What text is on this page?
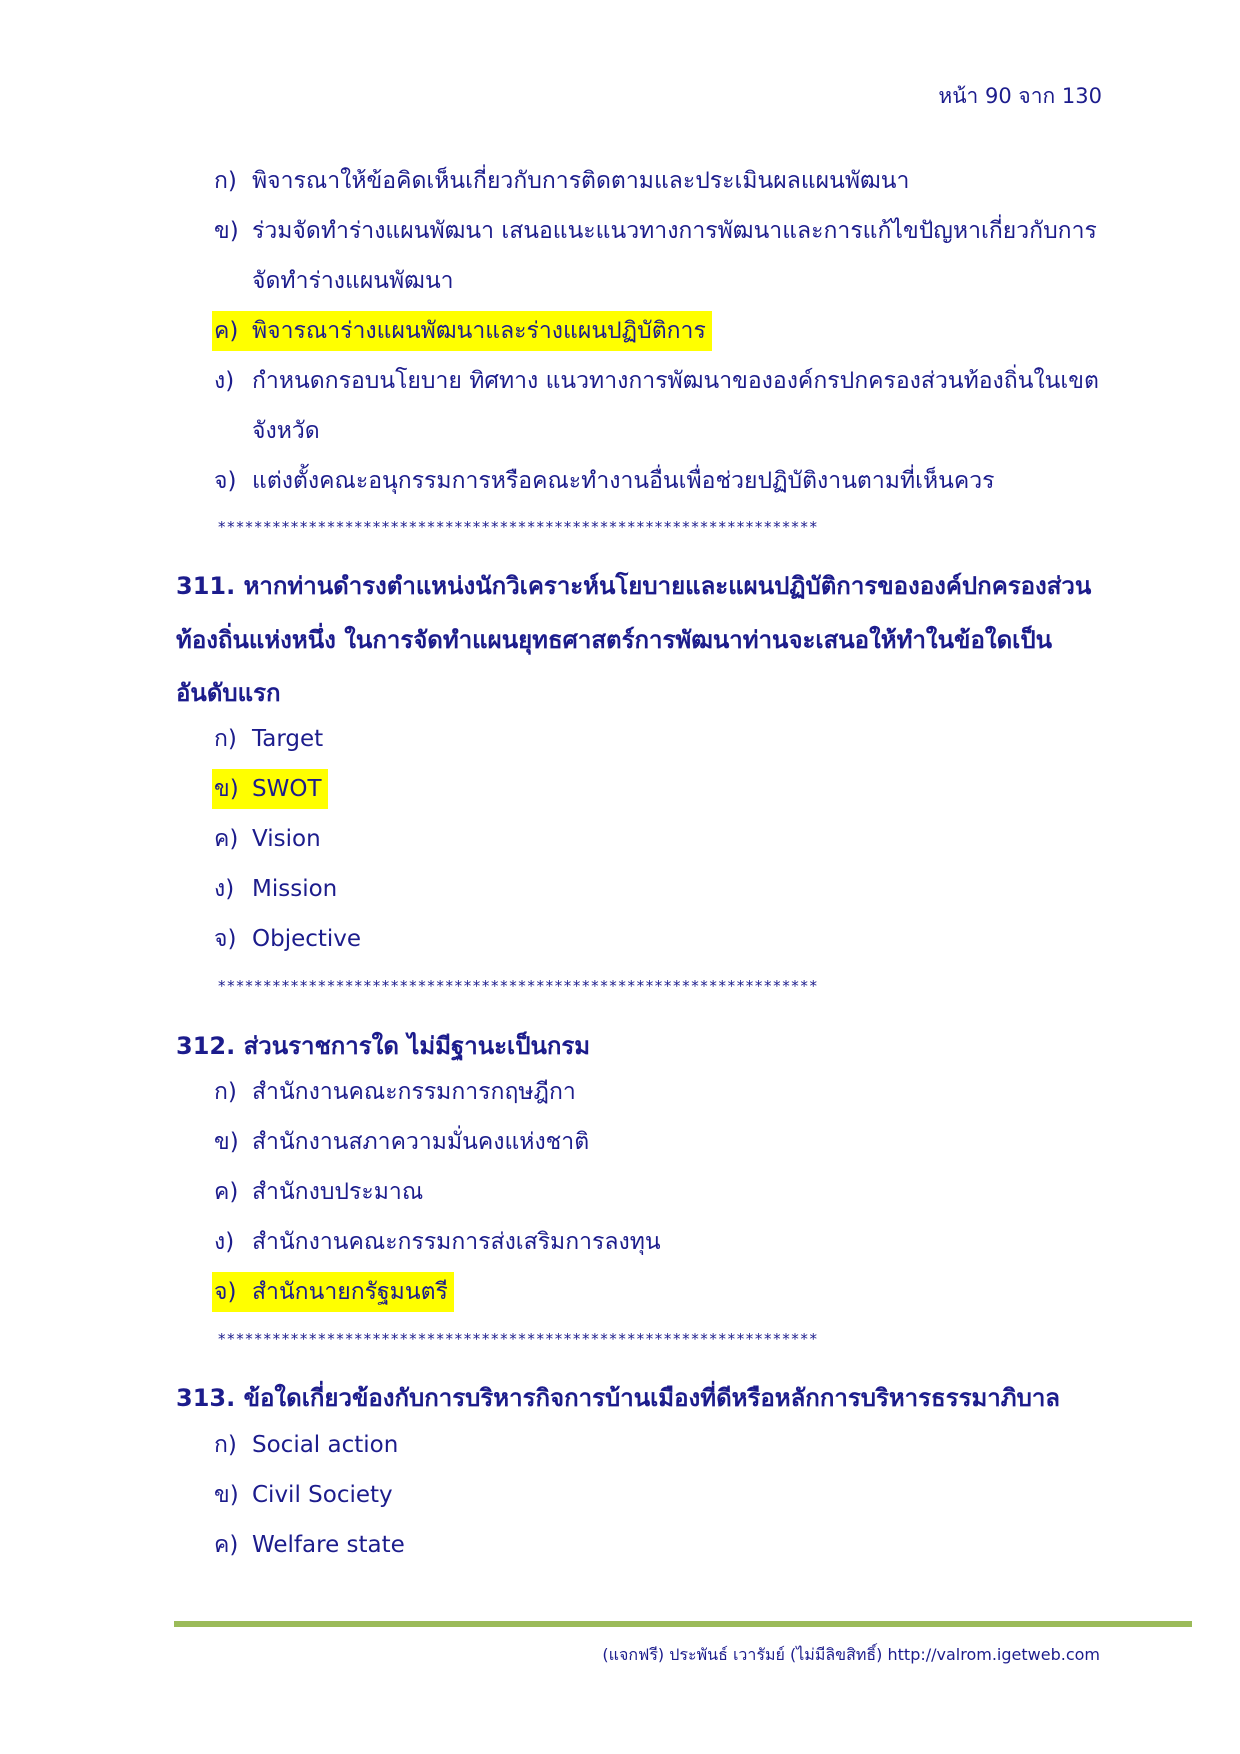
หน้า 90 จาก 130
ก) พิจารณาให้ข้อคิดเห็นเกี่ยวกับการติดตามและประเมินผลแผนพัฒนา
ข) ร่วมจัดทำร่างแผนพัฒนา เสนอแนะแนวทางการพัฒนาและการแก้ไขปัญหาเกี่ยวกับการ
จัดทำร่างแผนพัฒนา
ค) พิจารณาร่างแผนพัฒนาและร่างแผนปฏิบัติการ
ง) กำหนดกรอบนโยบาย ทิศทาง แนวทางการพัฒนาขององค์กรปกครองส่วนท้องถิ่นในเขต
จังหวัด
จ) แต่งตั้งคณะอนุกรรมการหรือคณะทำงานอื่นเพื่อช่วยปฏิบัติงานตามที่เห็นควร
******************************************************************
311. หากท่านดำรงตำแหน่งนักวิเคราะห์นโยบายและแผนปฏิบัติการขององค์ปกครองส่วน
ท้องถิ่นแห่งหนึ่ง ในการจัดทำแผนยุทธศาสตร์การพัฒนาท่านจะเสนอให้ทำในข้อใดเป็น
อันดับแรก
ก) Target
ข) SWOT
ค) Vision
ง) Mission
จ) Objective
******************************************************************
312. ส่วนราชการใด ไม่มีฐานะเป็นกรม
ก) สำนักงานคณะกรรมการกฤษฎีกา
ข) สำนักงานสภาความมั่นคงแห่งชาติ
ค) สำนักงบประมาณ
ง) สำนักงานคณะกรรมการส่งเสริมการลงทุน
จ) สำนักนายกรัฐมนตรี
******************************************************************
313. ข้อใดเกี่ยวข้องกับการบริหารกิจการบ้านเมืองที่ดีหรือหลักการบริหารธรรมาภิบาล
ก) Social action
ข) Civil Society
ค) Welfare state
(แจกฟรี) ประพันธ์ เวารัมย์ (ไม่มีลิขสิทธิ์) http://valrom.igetweb.com
